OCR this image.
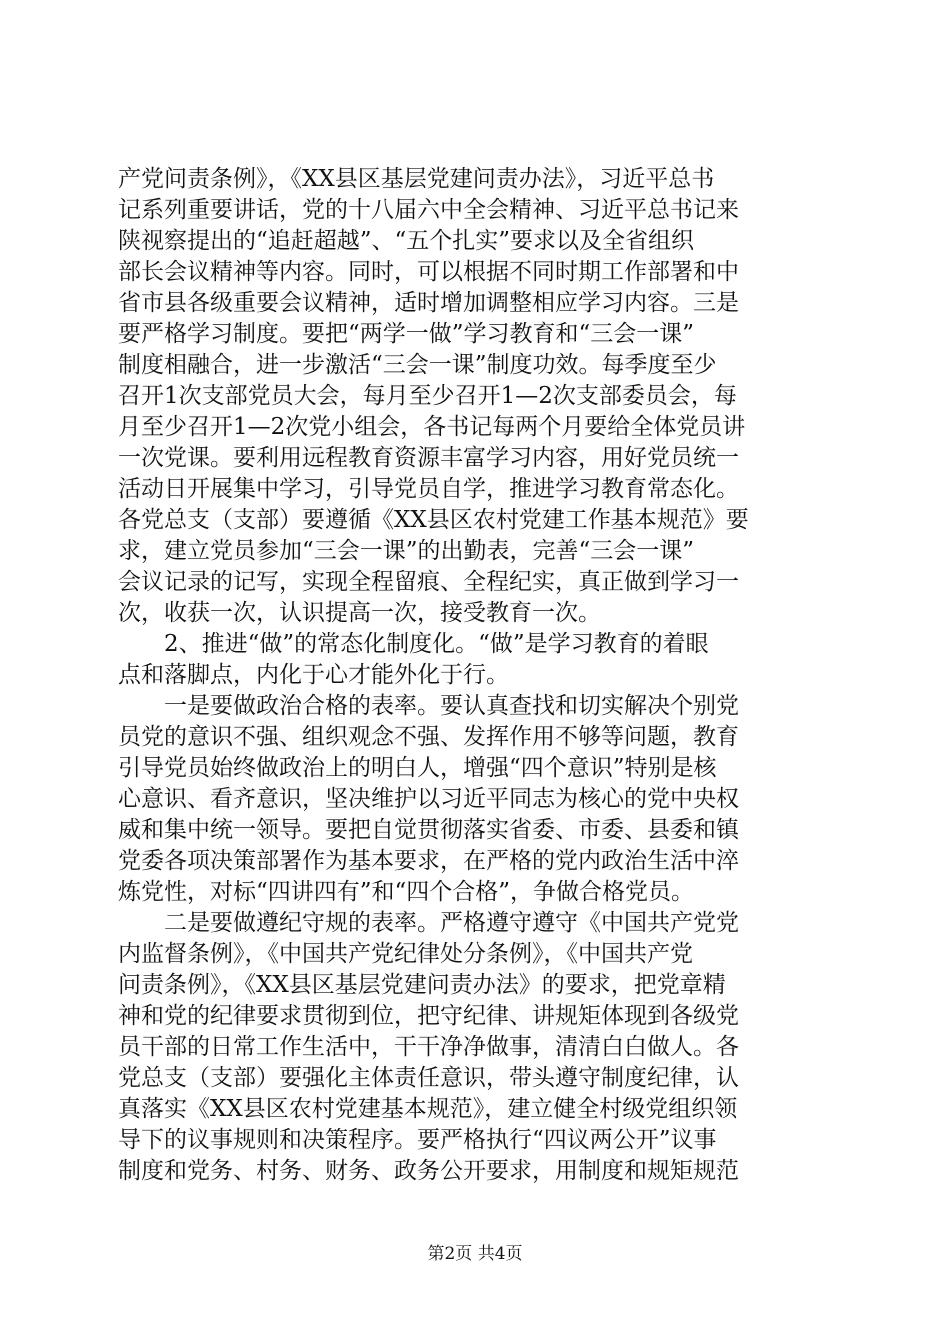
产党问责条例》，《XX县区基层党建问责办法》，习近平总书
记系列重要讲话，党的十八届六中全会精神、习近平总书记来
陕视察提出的“追赶超越”、“五个扎实”要求以及全省组织
部长会议精神等内容。同时，可以根据不同时期工作部署和中
省市县各级重要会议精神，适时增加调整相应学习内容。三是
要严格学习制度。要把“两学一做”学习教育和“三会一课”
制度相融合，进一步激活“三会一课”制度功效。每季度至少
召开1次支部党员大会，每月至少召开1—2次支部委员会，每
月至少召开1—2次党小组会，各书记每两个月要给全体党员讲
一次党课。要利用远程教育资源丰富学习内容，用好党员统一
活动日开展集中学习，引导党员自学，推进学习教育常态化。
各党总支（支部）要遵循《XX县区农村党建工作基本规范》要
求，建立党员参加“三会一课”的出勤表，完善“三会一课”
会议记录的记写，实现全程留痕、全程纪实，真正做到学习一
次，收获一次，认识提高一次，接受教育一次。
2、推进“做”的常态化制度化。“做”是学习教育的着眼
点和落脚点，内化于心才能外化于行。
一是要做政治合格的表率。要认真查找和切实解决个别党
员党的意识不强、组织观念不强、发挥作用不够等问题，教育
引导党员始终做政治上的明白人，增强“四个意识”特别是核
心意识、看齐意识，坚决维护以习近平同志为核心的党中央权
威和集中统一领导。要把自觉贯彻落实省委、市委、县委和镇
党委各项决策部署作为基本要求，在严格的党内政治生活中淬
炼党性，对标“四讲四有”和“四个合格”，争做合格党员。
二是要做遵纪守规的表率。严格遵守遵守《中国共产党党
内监督条例》，《中国共产党纪律处分条例》，《中国共产党
问责条例》，《XX县区基层党建问责办法》的要求，把党章精
神和党的纪律要求贯彻到位，把守纪律、讲规矩体现到各级党
员干部的日常工作生活中，干干净净做事，清清白白做人。各
党总支（支部）要强化主体责任意识，带头遵守制度纪律，认
真落实《XX县区农村党建基本规范》，建立健全村级党组织领
导下的议事规则和决策程序。要严格执行“四议两公开”议事
制度和党务、村务、财务、政务公开要求，用制度和规矩规范
第2页 共4页
